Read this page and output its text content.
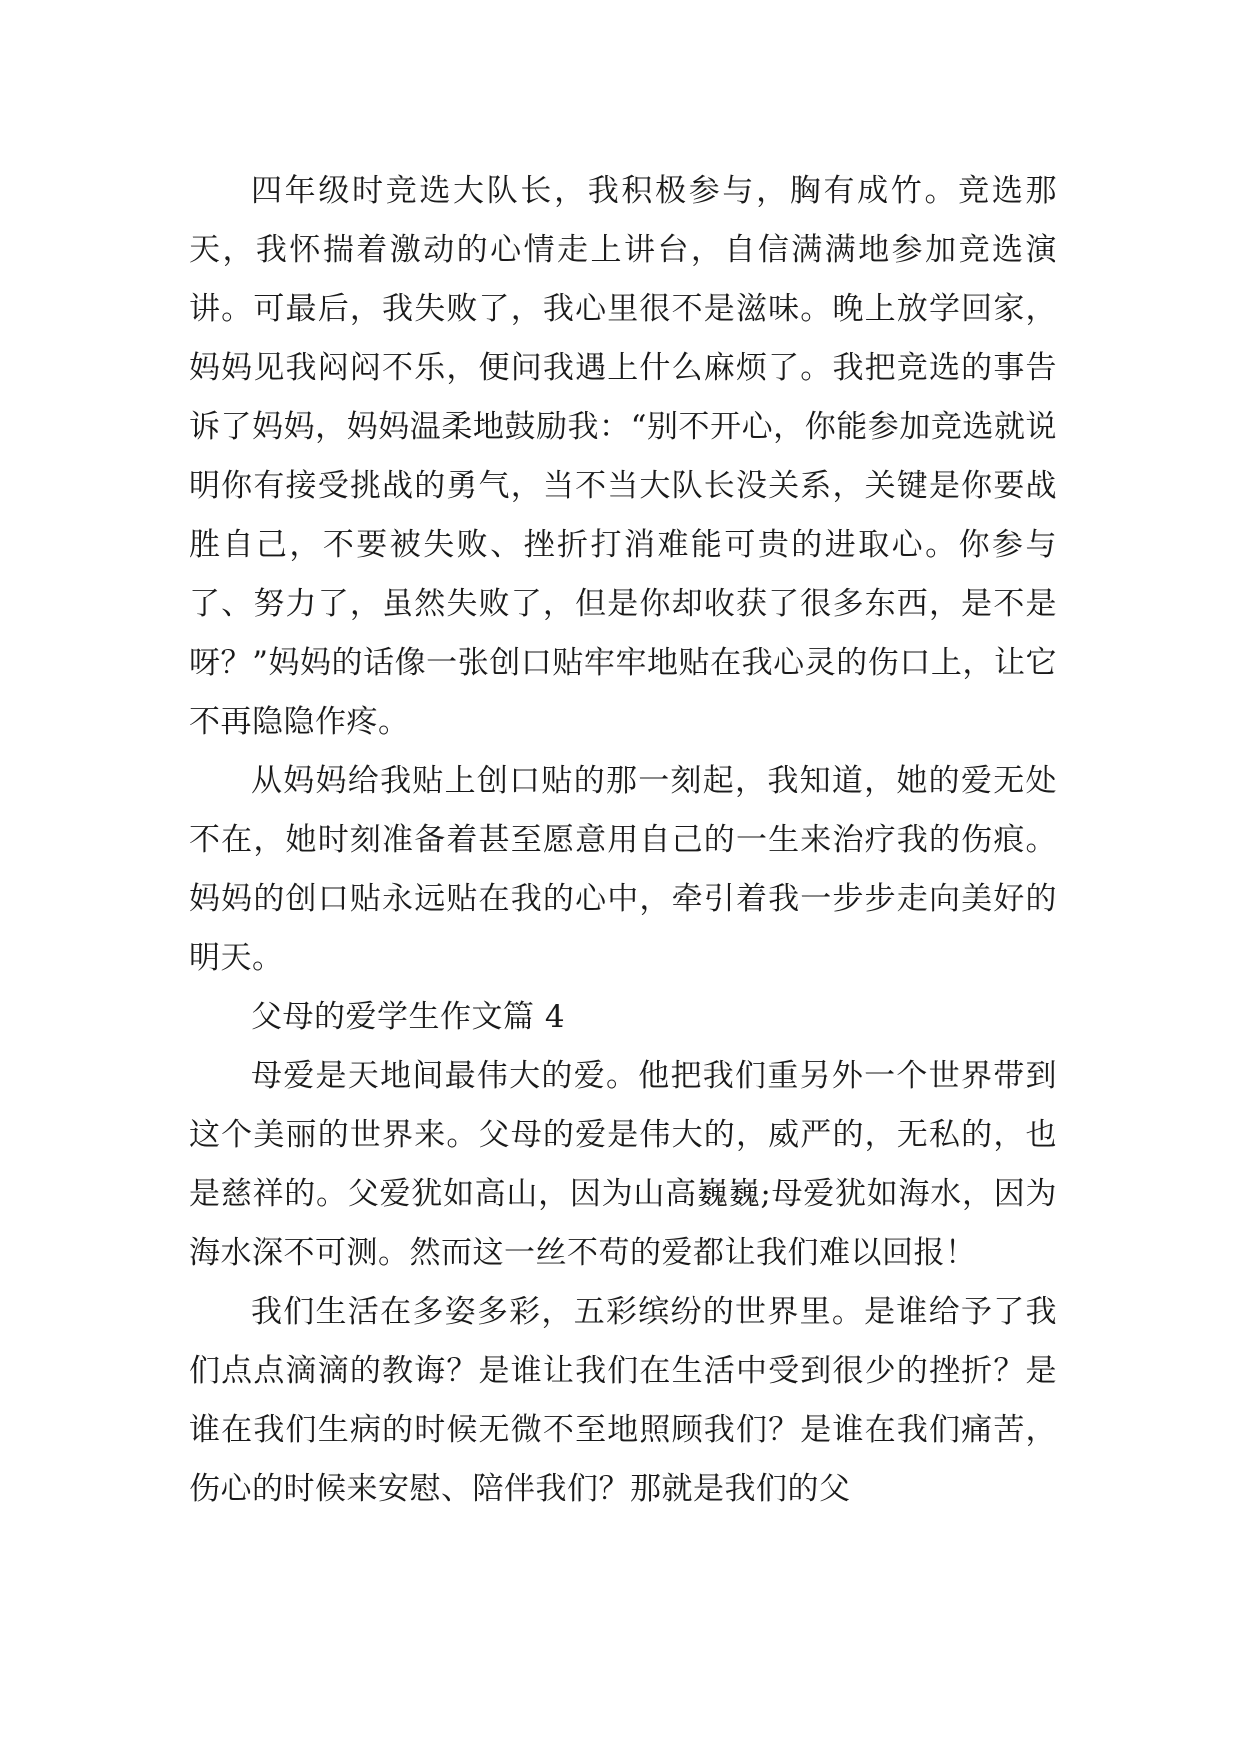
四年级时竞选大队长，我积极参与，胸有成竹。竞选那天，我怀揣着激动的心情走上讲台，自信满满地参加竞选演讲。可最后，我失败了，我心里很不是滋味。晚上放学回家，妈妈见我闷闷不乐，便问我遇上什么麻烦了。我把竞选的事告诉了妈妈，妈妈温柔地鼓励我：“别不开心，你能参加竞选就说明你有接受挑战的勇气，当不当大队长没关系，关键是你要战胜自己，不要被失败、挫折打消难能可贵的进取心。你参与了、努力了，虽然失败了，但是你却收获了很多东西，是不是呀？”妈妈的话像一张创口贴牢牢地贴在我心灵的伤口上，让它不再隐隐作疼。

从妈妈给我贴上创口贴的那一刻起，我知道，她的爱无处不在，她时刻准备着甚至愿意用自己的一生来治疗我的伤痕。妈妈的创口贴永远贴在我的心中，牵引着我一步步走向美好的明天。

父母的爱学生作文篇 4

母爱是天地间最伟大的爱。他把我们重另外一个世界带到这个美丽的世界来。父母的爱是伟大的，威严的，无私的，也是慈祥的。父爱犹如高山，因为山高巍巍;母爱犹如海水，因为海水深不可测。然而这一丝不苟的爱都让我们难以回报！

我们生活在多姿多彩，五彩缤纷的世界里。是谁给予了我们点点滴滴的教诲？是谁让我们在生活中受到很少的挫折？是谁在我们生病的时候无微不至地照顾我们？是谁在我们痛苦，伤心的时候来安慰、陪伴我们？那就是我们的父
